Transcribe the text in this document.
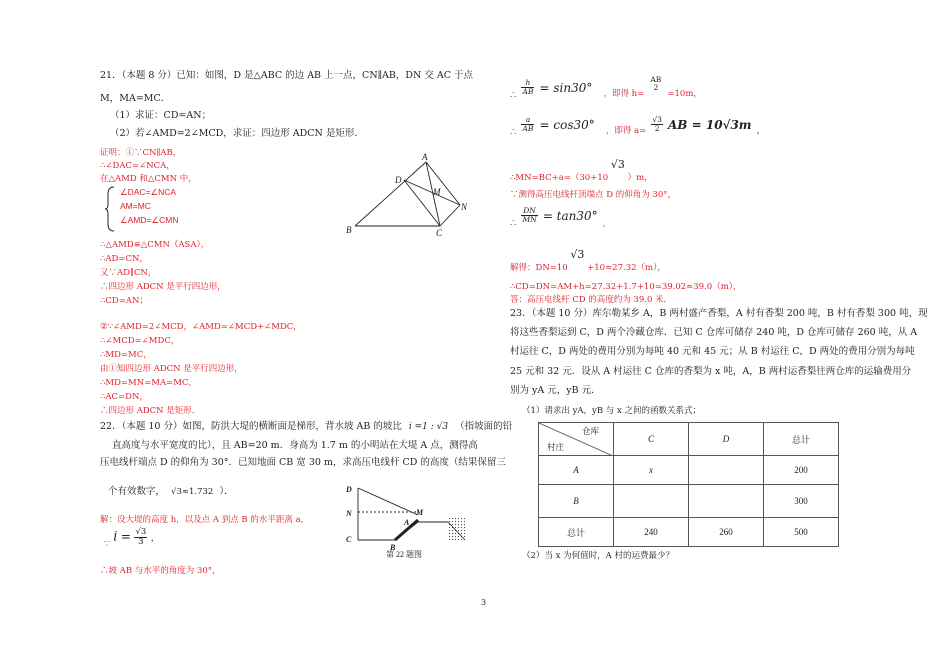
21．（本题 8 分）已知：如图，D 是△ABC 的边 AB 上一点，CN∥AB，DN 交 AC 于点
M，MA=MC．
（1）求证：CD=AN；
（2）若∠AMD=2∠MCD，求证：四边形 ADCN 是矩形．
证明：①∵CN∥AB，
∴∠DAC=∠NCA，
在△AMD 和△CMN 中，
∠DAC=∠NCA
AM=MC
∠AMD=∠CMN
∴△AMD≌△CMN（ASA），
∴AD=CN，
又∵AD∥CN，
∴四边形 ADCN 是平行四边形，
∴CD=AN；
②∵∠AMD=2∠MCD，∠AMD=∠MCD+∠MDC，
∴∠MCD=∠MDC，
∴MD=MC，
由①知四边形 ADCN 是平行四边形，
∴MD=MN=MA=MC，
∴AC=DN，
∴四边形 ADCN 是矩形．
A
D
M
N
B	C
22．（本题 10 分）如图，防洪大堤的横断面是梯形，背水坡 AB 的坡比 i =1 : √3 （指坡面的铅
直高度与水平宽度的比），且 AB=20 m．身高为 1.7 m 的小明站在大堤 A 点，测得高
压电线杆端点 D 的仰角为 30°．已知地面 CB 宽 30 m，求高压电线杆 CD 的高度（结果保留三
个有效数字， √3≈1.732 ）．	D
N
C
M
A
B
第 22 题图
解：设大堤的高度 h，以及点 A 到点 B 的水平距离 a，
$_\because$ $i = \frac{√3}{3}$ ，
∴坡 AB 与水平的角度为 30°，
$_\therefore \frac{h}{AB} = \sin 30^\circ$ $_{,即得 h=}$
AB
2
$_{=10m,}$
$_\therefore \frac{a}{AB} = \cos 30^\circ$ $_{,即得 a=} \frac{√3}{2}$ AB = 10√3m $_,$
∴MN=BC+a=（30+10 √3 ）m，
∵测得高压电线杆顶端点 D 的仰角为 30°，
$_\therefore \frac{DN}{MN} = \tan 30^\circ$ $_,$
解得：DN=10 √3 +10≈27.32（m），
∴CD=DN=AM+h=27.32+1.7+10=39.02≈39.0（m），
答：高压电线杆 CD 的高度约为 39.0 米．
23．（本题 10 分）库尔勒某乡 A，B 两村盛产香梨，A 村有香梨 200 吨，B 村有香梨 300 吨，现
将这些香梨运到 C，D 两个冷藏仓库．已知 C 仓库可储存 240 吨，D 仓库可储存 260 吨，从 A
村运往 C，D 两处的费用分别为每吨 40 元和 45 元；从 B 村运往 C，D 两处的费用分别为每吨
25 元和 32 元．设从 A 村运往 C 仓库的香梨为 x 吨，A，B 两村运香梨往两仓库的运输费用分
别为 yA 元，yB 元．
（1）请求出 yA，yB 与 x 之间的函数关系式；
仓库
村庄	C	D	总计
A	x		200
B			300
总计	240	260	500
（2）当 x 为何值时，A 村的运费最少？
3
